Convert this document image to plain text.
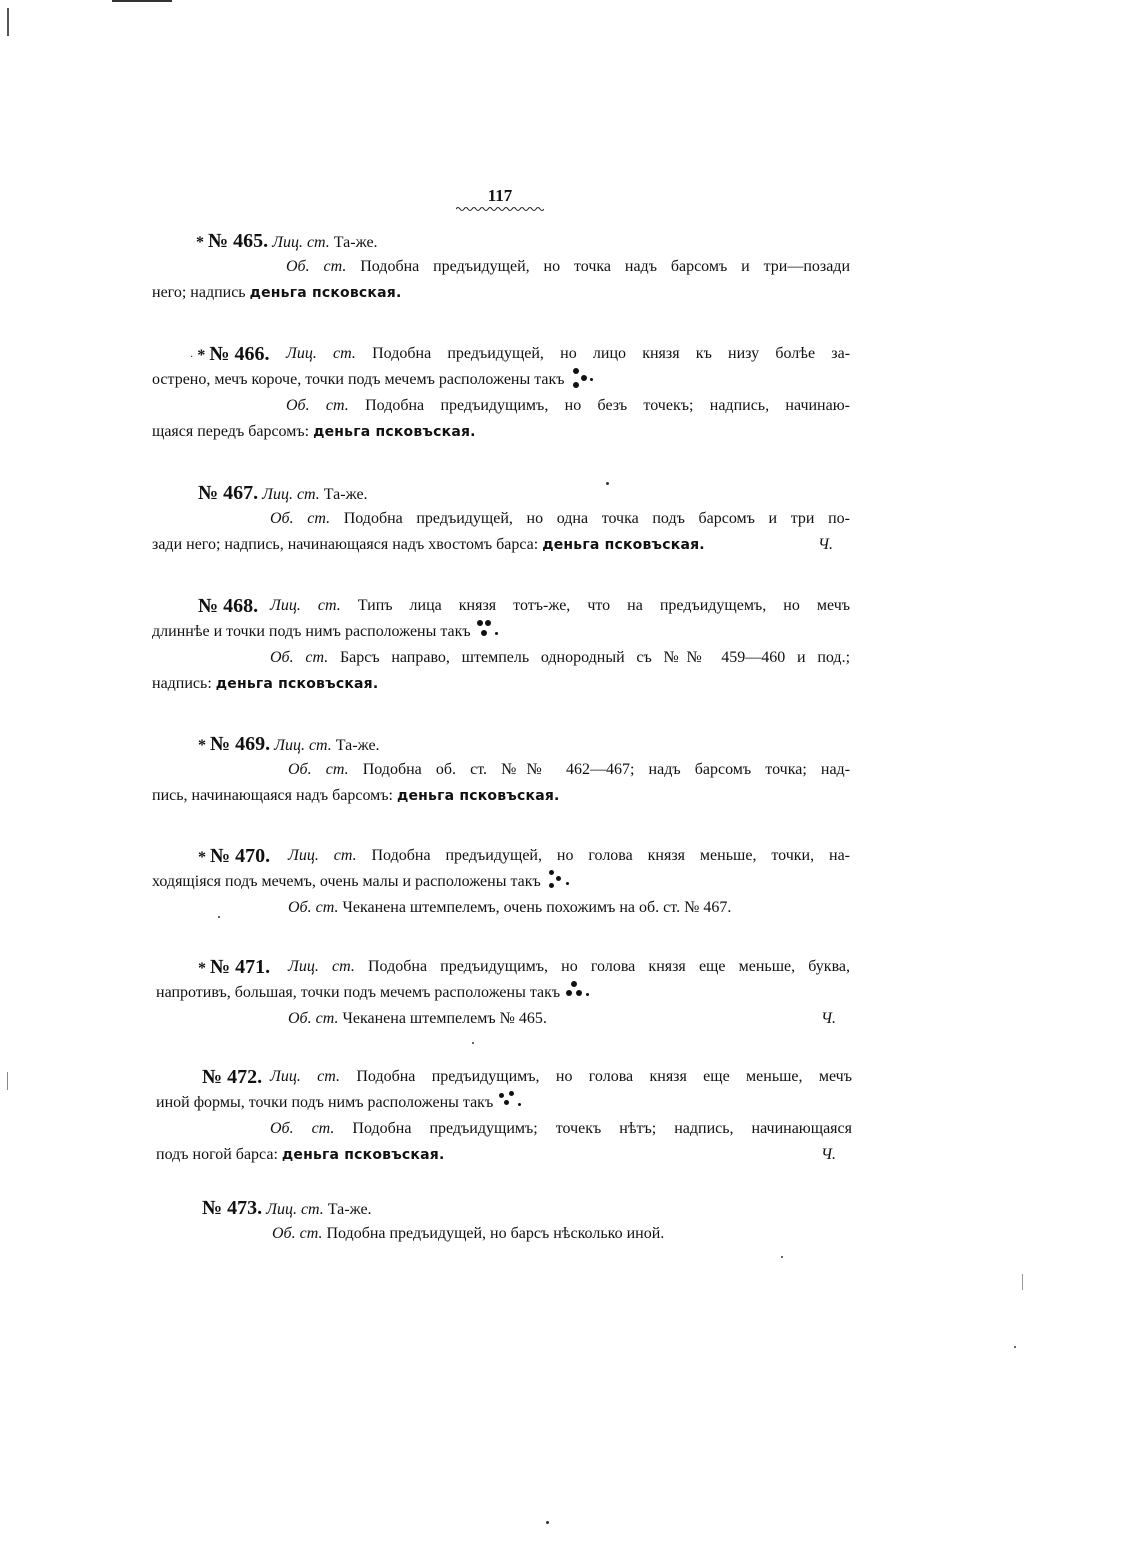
117
* № 465. Лиц. ст. Та-же.
Об. ст. Подобна предъидущей, но точка надъ барсомъ и три—позади
него; надпись деньга псковская.
· * № 466. Лиц. ст. Подобна предъидущей, но лицо князя къ низу болѣе за-
острено, мечъ короче, точки подъ мечемъ расположены такъ
Об. ст. Подобна предъидущимъ, но безъ точекъ; надпись, начинаю-
щаяся передъ барсомъ: деньга псковъская.
№ 467. Лиц. ст. Та-же.
Об. ст. Подобна предъидущей, но одна точка подъ барсомъ и три по-
зади него; надпись, начинающаяся надъ хвостомъ барса: деньга псковъская.	Ч.
№ 468. Лиц. ст. Типъ лица князя тотъ-же, что на предъидущемъ, но мечъ
длиннѣе и точки подъ нимъ расположены такъ
Об. ст. Барсъ направо, штемпель однородный съ №№ 459—460 и под.;
надпись: деньга псковъская.
* № 469. Лиц. ст. Та-же.
Об. ст. Подобна об. ст. №№ 462—467; надъ барсомъ точка; над-
пись, начинающаяся надъ барсомъ: деньга псковъская.
* № 470. Лиц. ст. Подобна предъидущей, но голова князя меньше, точки, на-
ходящіяся подъ мечемъ, очень малы и расположены такъ
Об. ст. Чеканена штемпелемъ, очень похожимъ на об. ст. № 467.
* № 471. Лиц. ст. Подобна предъидущимъ, но голова князя еще меньше, буква,
напротивъ, большая, точки подъ мечемъ расположены такъ
Об. ст. Чеканена штемпелемъ № 465.	Ч.
№ 472. Лиц. ст. Подобна предъидущимъ, но голова князя еще меньше, мечъ
иной формы, точки подъ нимъ расположены такъ
Об. ст. Подобна предъидущимъ; точекъ нѣтъ; надпись, начинающаяся
подъ ногой барса: деньга псковъская.	Ч.
№ 473. Лиц. ст. Та-же.
Об. ст. Подобна предъидущей, но барсъ нѣсколько иной.
